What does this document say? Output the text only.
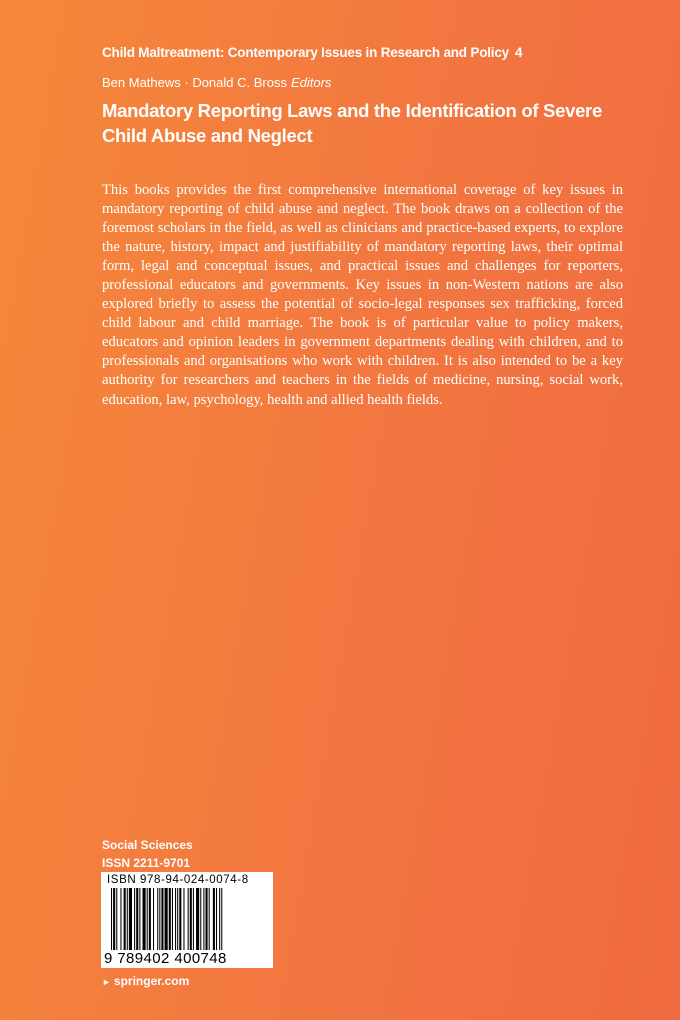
Child Maltreatment: Contemporary Issues in Research and Policy 4
Ben Mathews · Donald C. Bross Editors
Mandatory Reporting Laws and the Identification of Severe Child Abuse and Neglect
This books provides the first comprehensive international coverage of key issues in mandatory reporting of child abuse and neglect. The book draws on a collection of the foremost scholars in the field, as well as clinicians and practice-based experts, to explore the nature, history, impact and justifiability of mandatory reporting laws, their optimal form, legal and conceptual issues, and practical issues and challenges for reporters, professional educators and governments. Key issues in non-Western nations are also explored briefly to assess the potential of socio-legal responses sex trafficking, forced child labour and child marriage. The book is of particular value to policy makers, educators and opinion leaders in government departments dealing with children, and to professionals and organisations who work with children. It is also intended to be a key authority for researchers and teachers in the fields of medicine, nursing, social work, education, law, psychology, health and allied health fields.
Social Sciences
ISSN 2211-9701
ISBN 978-94-024-0074-8
9 789402 400748
► springer.com
